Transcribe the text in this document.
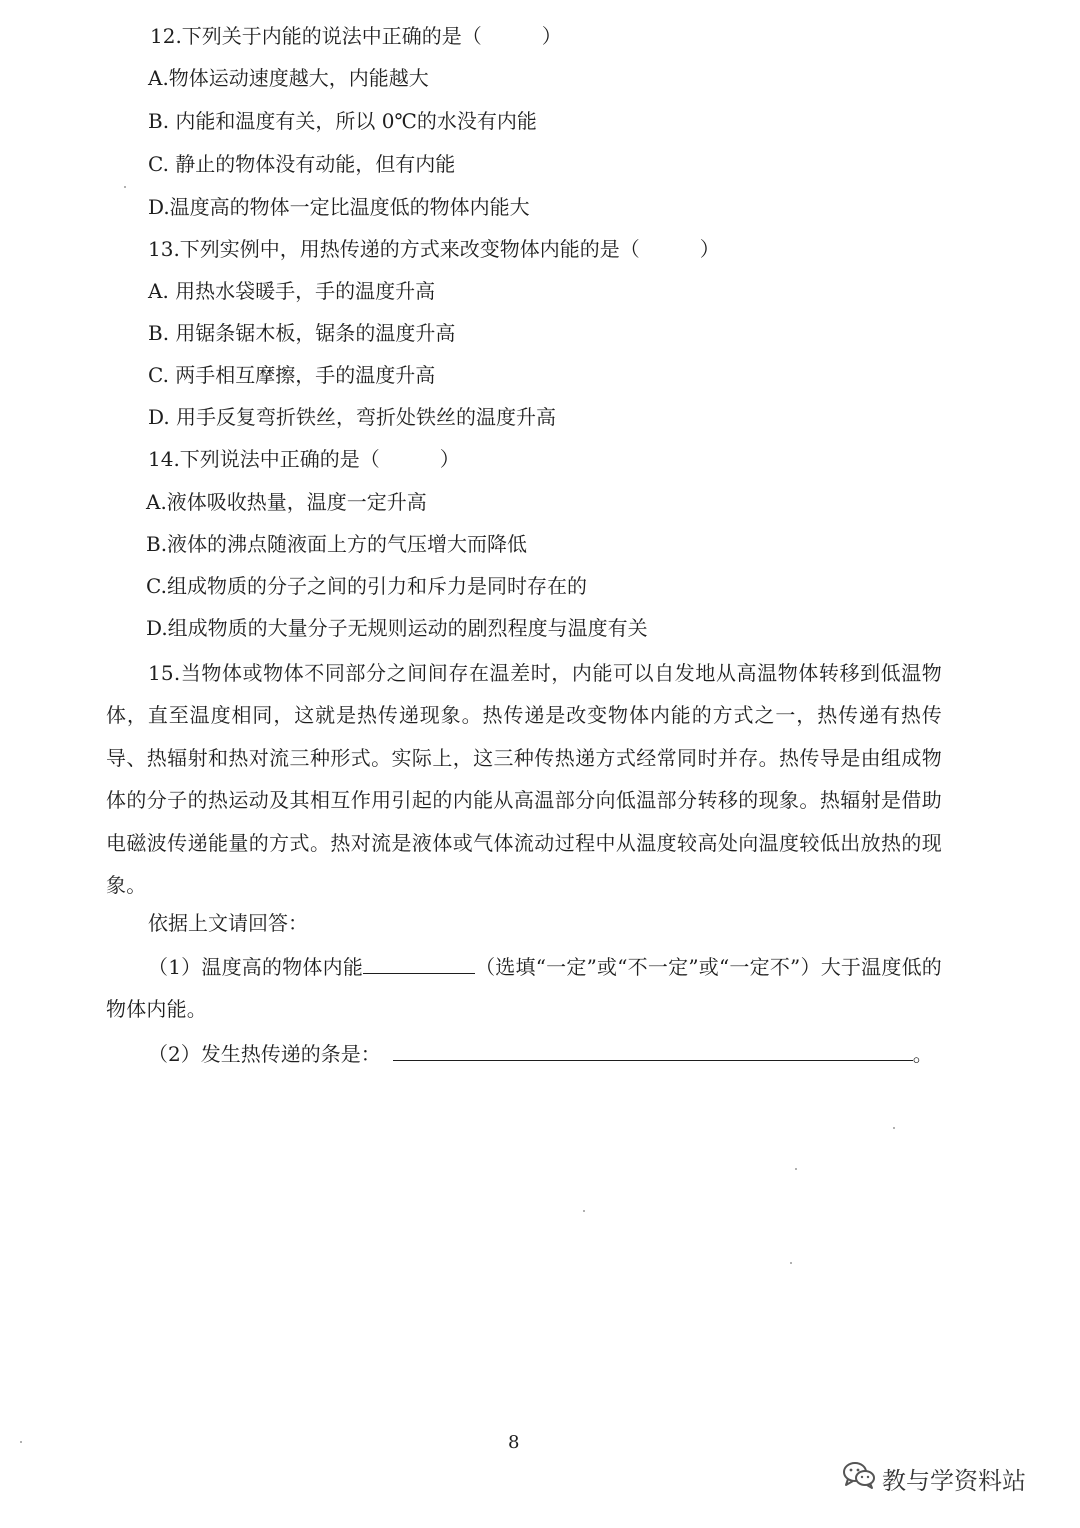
12.下列关于内能的说法中正确的是（　　　）
A.物体运动速度越大，内能越大
B. 内能和温度有关，所以 0℃的水没有内能
C. 静止的物体没有动能，但有内能
D.温度高的物体一定比温度低的物体内能大
13.下列实例中，用热传递的方式来改变物体内能的是（　　　）
A. 用热水袋暖手，手的温度升高
B. 用锯条锯木板，锯条的温度升高
C. 两手相互摩擦，手的温度升高
D. 用手反复弯折铁丝，弯折处铁丝的温度升高
14.下列说法中正确的是（　　　）
A.液体吸收热量，温度一定升高
B.液体的沸点随液面上方的气压增大而降低
C.组成物质的分子之间的引力和斥力是同时存在的
D.组成物质的大量分子无规则运动的剧烈程度与温度有关
15.当物体或物体不同部分之间间存在温差时，内能可以自发地从高温物体转移到低温物体，直至温度相同，这就是热传递现象。热传递是改变物体内能的方式之一，热传递有热传导、热辐射和热对流三种形式。实际上，这三种传热递方式经常同时并存。热传导是由组成物体的分子的热运动及其相互作用引起的内能从高温部分向低温部分转移的现象。热辐射是借助电磁波传递能量的方式。热对流是液体或气体流动过程中从温度较高处向温度较低出放热的现象。
依据上文请回答：
（1）温度高的物体内能	（选填“一定”或“不一定”或“一定不”）大于温度低的物体内能。
（2）发生热传递的条是：	。
8
教与学资料站
